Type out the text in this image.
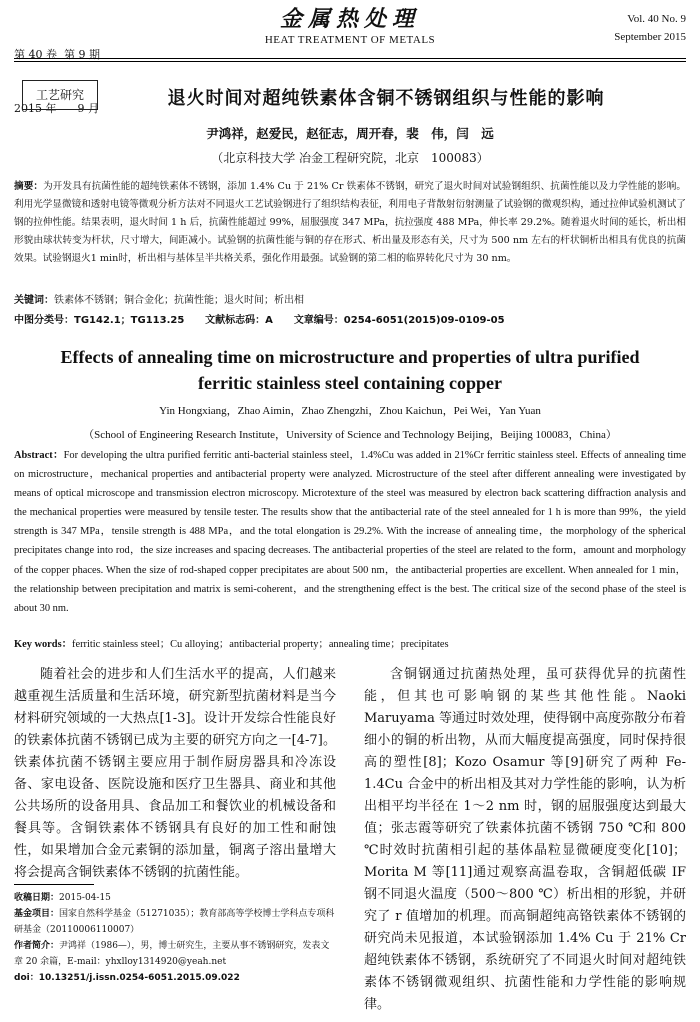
第 40 卷  第 9 期

2015 年      9 月

金属热处理
HEAT TREATMENT OF METALS
Vol. 40 No. 9
September 2015
工艺研究	退火时间对超纯铁素体含铜不锈钢组织与性能的影响
尹鸿祥，赵爱民，赵征志，周开春，裴　伟，闫　远
（北京科技大学 冶金工程研究院，北京　100083）
摘要：为开发具有抗菌性能的超纯铁素体不锈钢，添加 1.4% Cu 于 21% Cr 铁素体不锈钢，研究了退火时间对试验钢组织、抗菌性能以及力学性能的影响。利用光学显微镜和透射电镜等微观分析方法对不同退火工艺试验钢进行了组织结构表征，利用电子背散射衍射测量了试验钢的微观织构，通过拉伸试验机测试了钢的拉伸性能。结果表明，退火时间 1 h 后，抗菌性能超过 99%，屈服强度 347 MPa，抗拉强度 488 MPa，伸长率 29.2%。随着退火时间的延长，析出相形貌由球状转变为杆状，尺寸增大，间距减小。试验钢的抗菌性能与铜的存在形式、析出量及形态有关，尺寸为 500 nm 左右的杆状铜析出相具有优良的抗菌效果。试验钢退火1 min时，析出相与基体呈半共格关系，强化作用最强。试验钢的第二相的临界转化尺寸为 30 nm。
关键词：铁素体不锈钢；铜合金化；抗菌性能；退火时间；析出相
中图分类号：TG142.1；TG113.25 文献标志码：A 文章编号：0254-6051(2015)09-0109-05
Effects of annealing time on microstructure and properties of ultra purified ferritic stainless steel containing copper
Yin Hongxiang，Zhao Aimin，Zhao Zhengzhi，Zhou Kaichun，Pei Wei，Yan Yuan
（School of Engineering Research Institute，University of Science and Technology Beijing，Beijing 100083，China）
Abstract：For developing the ultra purified ferritic anti-bacterial stainless steel，1.4%Cu was added in 21%Cr ferritic stainless steel. Effects of annealing time on microstructure，mechanical properties and antibacterial property were analyzed. Microstructure of the steel after different annealing were investigated by means of optical microscope and transmission electron microscopy. Microtexture of the steel was measured by electron back scattering diffraction analysis and the mechanical properties were measured by tensile tester. The results show that the antibacterial rate of the steel annealed for 1 h is more than 99%，the yield strength is 347 MPa，tensile strength is 488 MPa，and the total elongation is 29.2%. With the increase of annealing time，the morphology of the spherical precipitates change into rod，the size increases and spacing decreases. The antibacterial properties of the steel are related to the form，amount and morphology of the copper phaces. When the size of rod-shaped copper precipitates are about 500 nm，the antibacterial properties are excellent. When annealed for 1 min，the relationship between precipitation and matrix is semi-coherent，and the strengthening effect is the best. The critical size of the second phase of the steel is about 30 nm.
Key words：ferritic stainless steel；Cu alloying；antibacterial property；annealing time；precipitates
随着社会的进步和人们生活水平的提高，人们越来越重视生活质量和生活环境，研究新型抗菌材料是当今材料研究领域的一大热点[1-3]。设计开发综合性能良好的铁素体抗菌不锈钢已成为主要的研究方向之一[4-7]。铁素体抗菌不锈钢主要应用于制作厨房器具和冷冻设备、家电设备、医院设施和医疗卫生器具、商业和其他公共场所的设备用具、食品加工和餐饮业的机械设备和餐具等。含铜铁素体不锈钢具有良好的加工性和耐蚀性，如果增加合金元素铜的添加量，铜离子溶出量增大将会提高含铜铁素体不锈钢的抗菌性能。
含铜钢通过抗菌热处理，虽可获得优异的抗菌性能，但其也可影响钢的某些其他性能。Naoki Maruyama 等通过时效处理，使得钢中高度弥散分布着细小的铜的析出物，从而大幅度提高强度，同时保持很高的塑性[8]；Kozo Osamur 等[9]研究了两种 Fe-1.4Cu 合金中的析出相及其对力学性能的影响，认为析出相平均半径在 1～2 nm 时，钢的屈服强度达到最大值；张志霞等研究了铁素体抗菌不锈钢 750 ℃和 800 ℃时效时抗菌相引起的基体晶粒显微硬度变化[10]；Morita M 等[11]通过观察高温卷取，含铜超低碳 IF 钢不同退火温度（500～800 ℃）析出相的形貌，并研究了 r 值增加的机理。而高铜超纯高铬铁素体不锈钢的研究尚未见报道，本试验钢添加 1.4% Cu 于 21% Cr 超纯铁素体不锈钢，系统研究了不同退火时间对超纯铁素体不锈钢微观组织、抗菌性能和力学性能的影响规律。
收稿日期：2015-04-15
基金项目：国家自然科学基金（51271035）；教育部高等学校博士学科点专项科研基金（20110006110007）
作者简介：尹鸿祥（1986—），男，博士研究生，主要从事不锈钢研究，发表文章 20 余篇，E-mail：yhxlloy1314920@yeah.net
doi：10.13251/j.issn.0254-6051.2015.09.022
